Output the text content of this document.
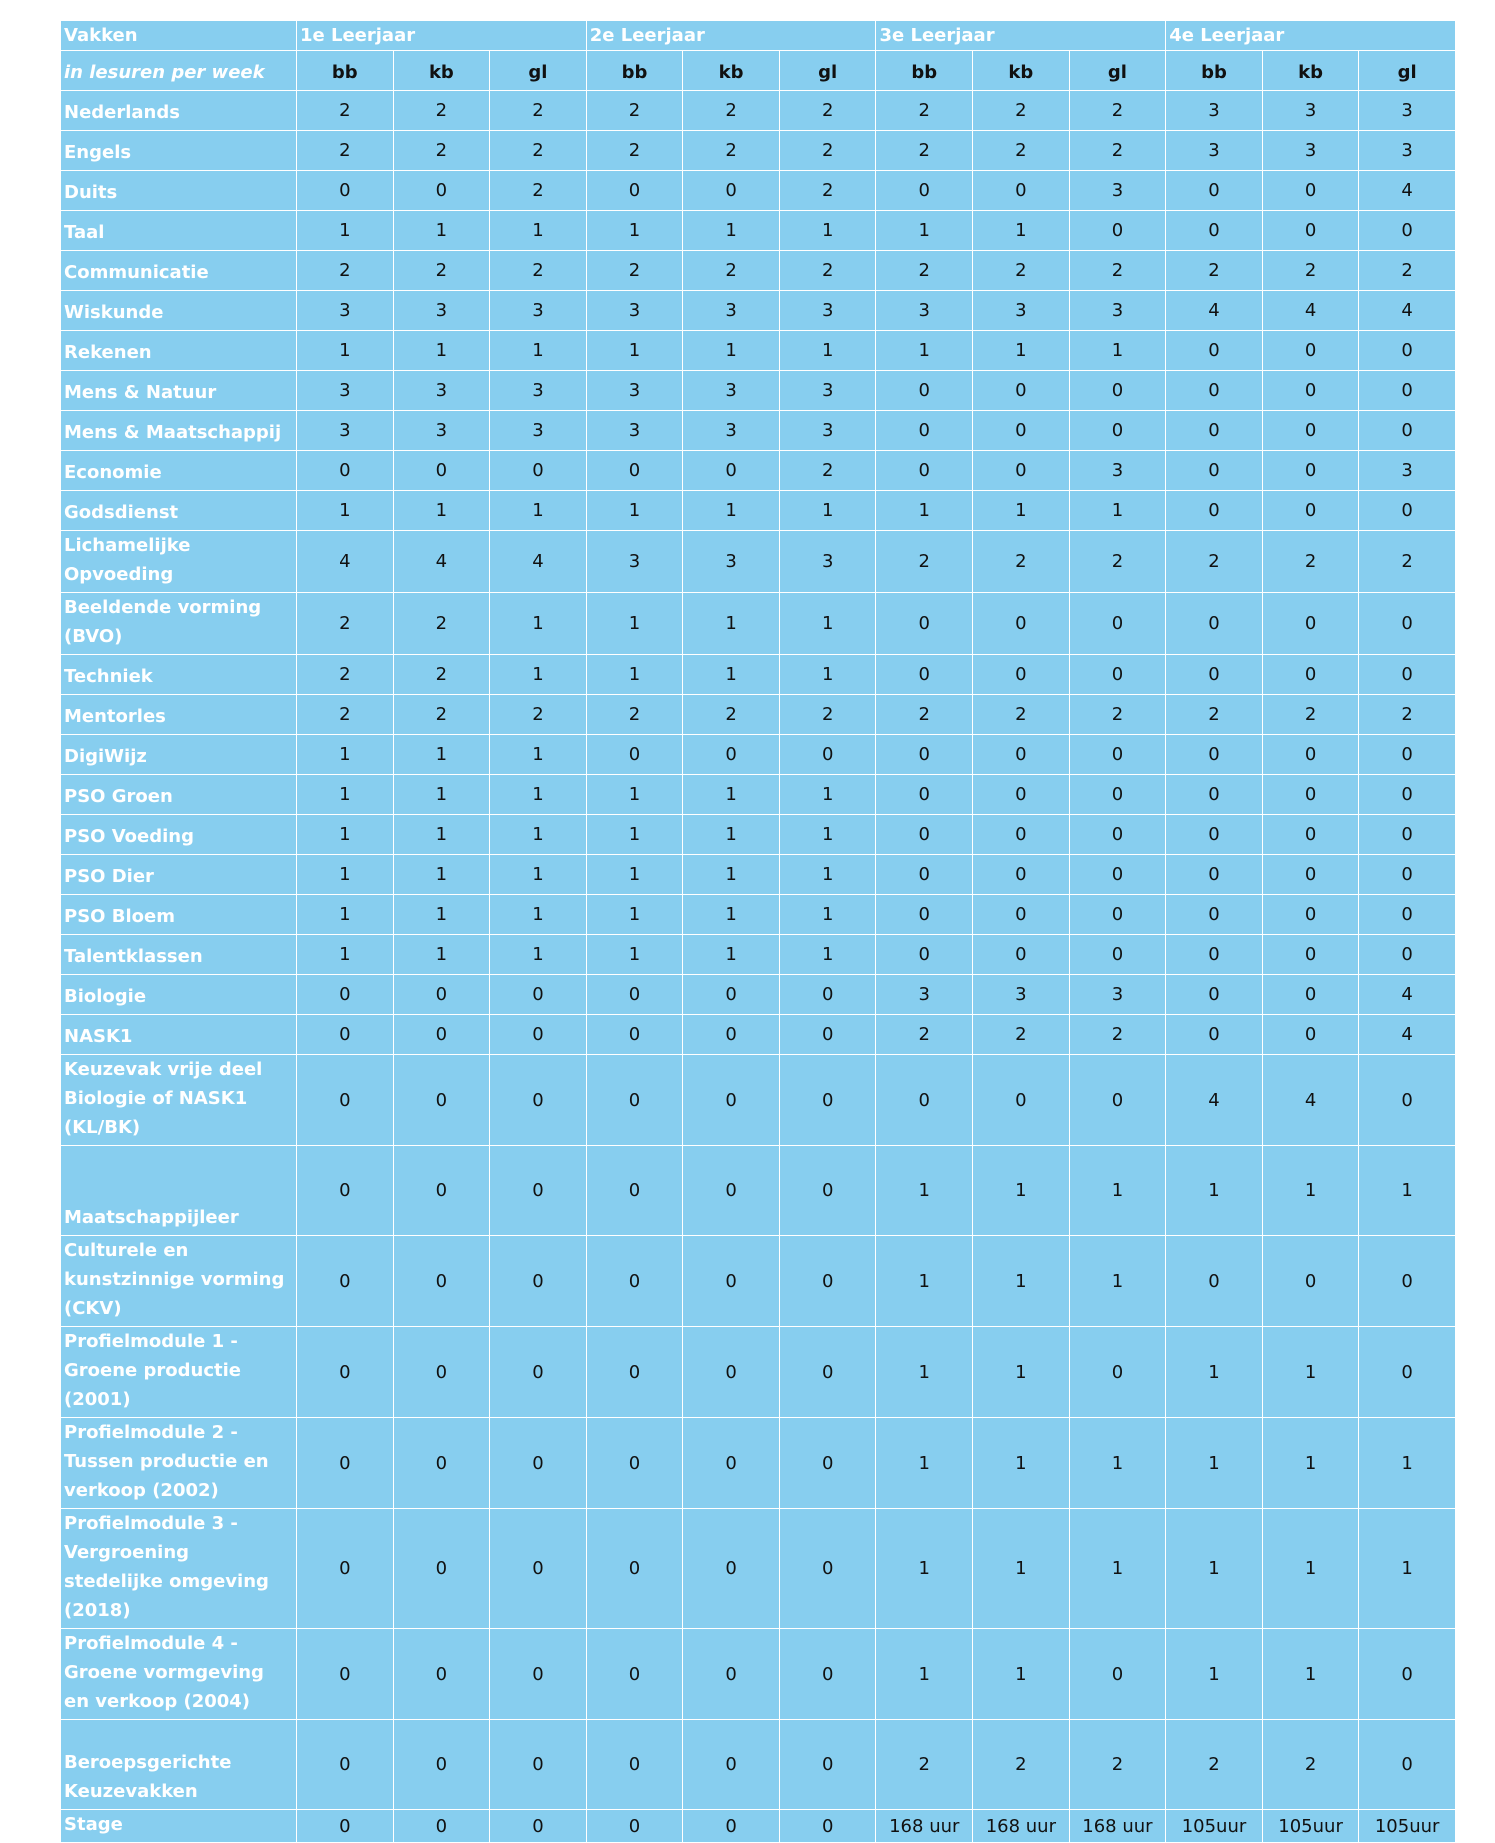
Vakken	1e Leerjaar			2e Leerjaar			3e Leerjaar			4e Leerjaar		
in lesuren per week	bb	kb	gl	bb	kb	gl	bb	kb	gl	bb	kb	gl
Nederlands	2	2	2	2	2	2	2	2	2	3	3	3
Engels	2	2	2	2	2	2	2	2	2	3	3	3
Duits	0	0	2	0	0	2	0	0	3	0	0	4
Taal	1	1	1	1	1	1	1	1	0	0	0	0
Communicatie	2	2	2	2	2	2	2	2	2	2	2	2
Wiskunde	3	3	3	3	3	3	3	3	3	4	4	4
Rekenen	1	1	1	1	1	1	1	1	1	0	0	0
Mens & Natuur	3	3	3	3	3	3	0	0	0	0	0	0
Mens & Maatschappij	3	3	3	3	3	3	0	0	0	0	0	0
Economie	0	0	0	0	0	2	0	0	3	0	0	3
Godsdienst	1	1	1	1	1	1	1	1	1	0	0	0
Lichamelijke Opvoeding	4	4	4	3	3	3	2	2	2	2	2	2
Beeldende vorming (BVO)	2	2	1	1	1	1	0	0	0	0	0	0
Techniek	2	2	1	1	1	1	0	0	0	0	0	0
Mentorles	2	2	2	2	2	2	2	2	2	2	2	2
DigiWijz	1	1	1	0	0	0	0	0	0	0	0	0
PSO Groen	1	1	1	1	1	1	0	0	0	0	0	0
PSO Voeding	1	1	1	1	1	1	0	0	0	0	0	0
PSO Dier	1	1	1	1	1	1	0	0	0	0	0	0
PSO Bloem	1	1	1	1	1	1	0	0	0	0	0	0
Talentklassen	1	1	1	1	1	1	0	0	0	0	0	0
Biologie	0	0	0	0	0	0	3	3	3	0	0	4
NASK1	0	0	0	0	0	0	2	2	2	0	0	4
Keuzevak vrije deel Biologie of NASK1 (KL/BK)	0	0	0	0	0	0	0	0	0	4	4	0
Maatschappijleer	0	0	0	0	0	0	1	1	1	1	1	1
Culturele en kunstzinnige vorming (CKV)	0	0	0	0	0	0	1	1	1	0	0	0
Profielmodule 1 - Groene productie (2001)	0	0	0	0	0	0	1	1	0	1	1	0
Profielmodule 2 -Tussen productie en verkoop (2002)	0	0	0	0	0	0	1	1	1	1	1	1
Profielmodule 3 - Vergroening stedelijke omgeving (2018)	0	0	0	0	0	0	1	1	1	1	1	1
Profielmodule 4 - Groene vormgeving en verkoop (2004)	0	0	0	0	0	0	1	1	0	1	1	0
Beroepsgerichte Keuzevakken	0	0	0	0	0	0	2	2	2	2	2	0
Stage	0	0	0	0	0	0	168 uur	168 uur	168 uur	105uur	105uur	105uur
